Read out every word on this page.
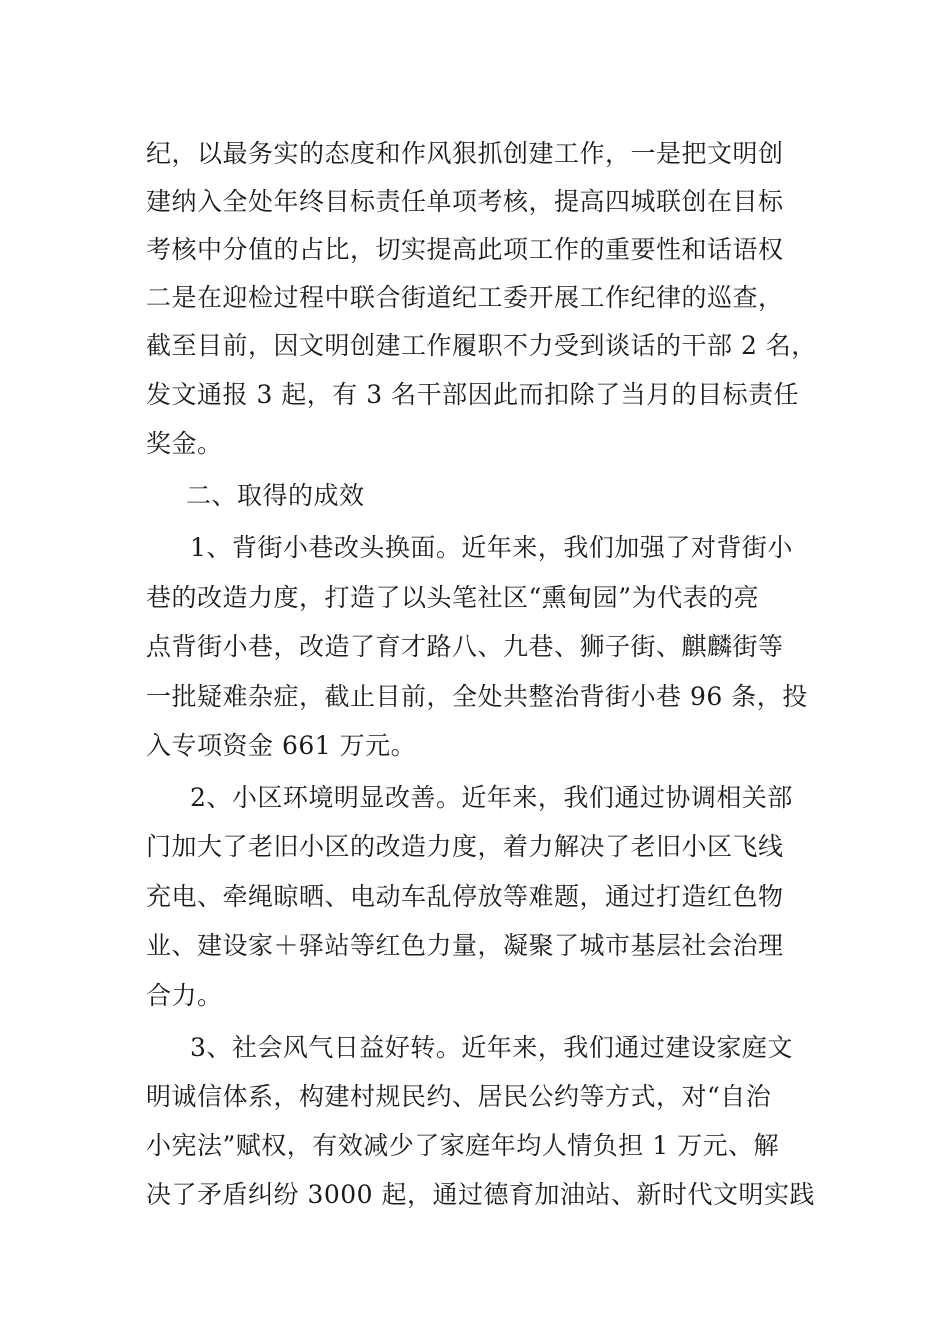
纪，以最务实的态度和作风狠抓创建工作，一是把文明创
建纳入全处年终目标责任单项考核，提高四城联创在目标
考核中分值的占比，切实提高此项工作的重要性和话语权
二是在迎检过程中联合街道纪工委开展工作纪律的巡查，
截至目前，因文明创建工作履职不力受到谈话的干部 2 名，
发文通报 3 起，有 3 名干部因此而扣除了当月的目标责任
奖金。
二、取得的成效
1、背街小巷改头换面。近年来，我们加强了对背街小
巷的改造力度，打造了以头笔社区“熏甸园”为代表的亮
点背街小巷，改造了育才路八、九巷、狮子街、麒麟街等
一批疑难杂症，截止目前，全处共整治背街小巷 96 条，投
入专项资金 661 万元。
2、小区环境明显改善。近年来，我们通过协调相关部
门加大了老旧小区的改造力度，着力解决了老旧小区飞线
充电、牵绳晾晒、电动车乱停放等难题，通过打造红色物
业、建设家＋驿站等红色力量，凝聚了城市基层社会治理
合力。
3、社会风气日益好转。近年来，我们通过建设家庭文
明诚信体系，构建村规民约、居民公约等方式，对“自治
小宪法”赋权，有效减少了家庭年均人情负担 1 万元、解
决了矛盾纠纷 3000 起，通过德育加油站、新时代文明实践
